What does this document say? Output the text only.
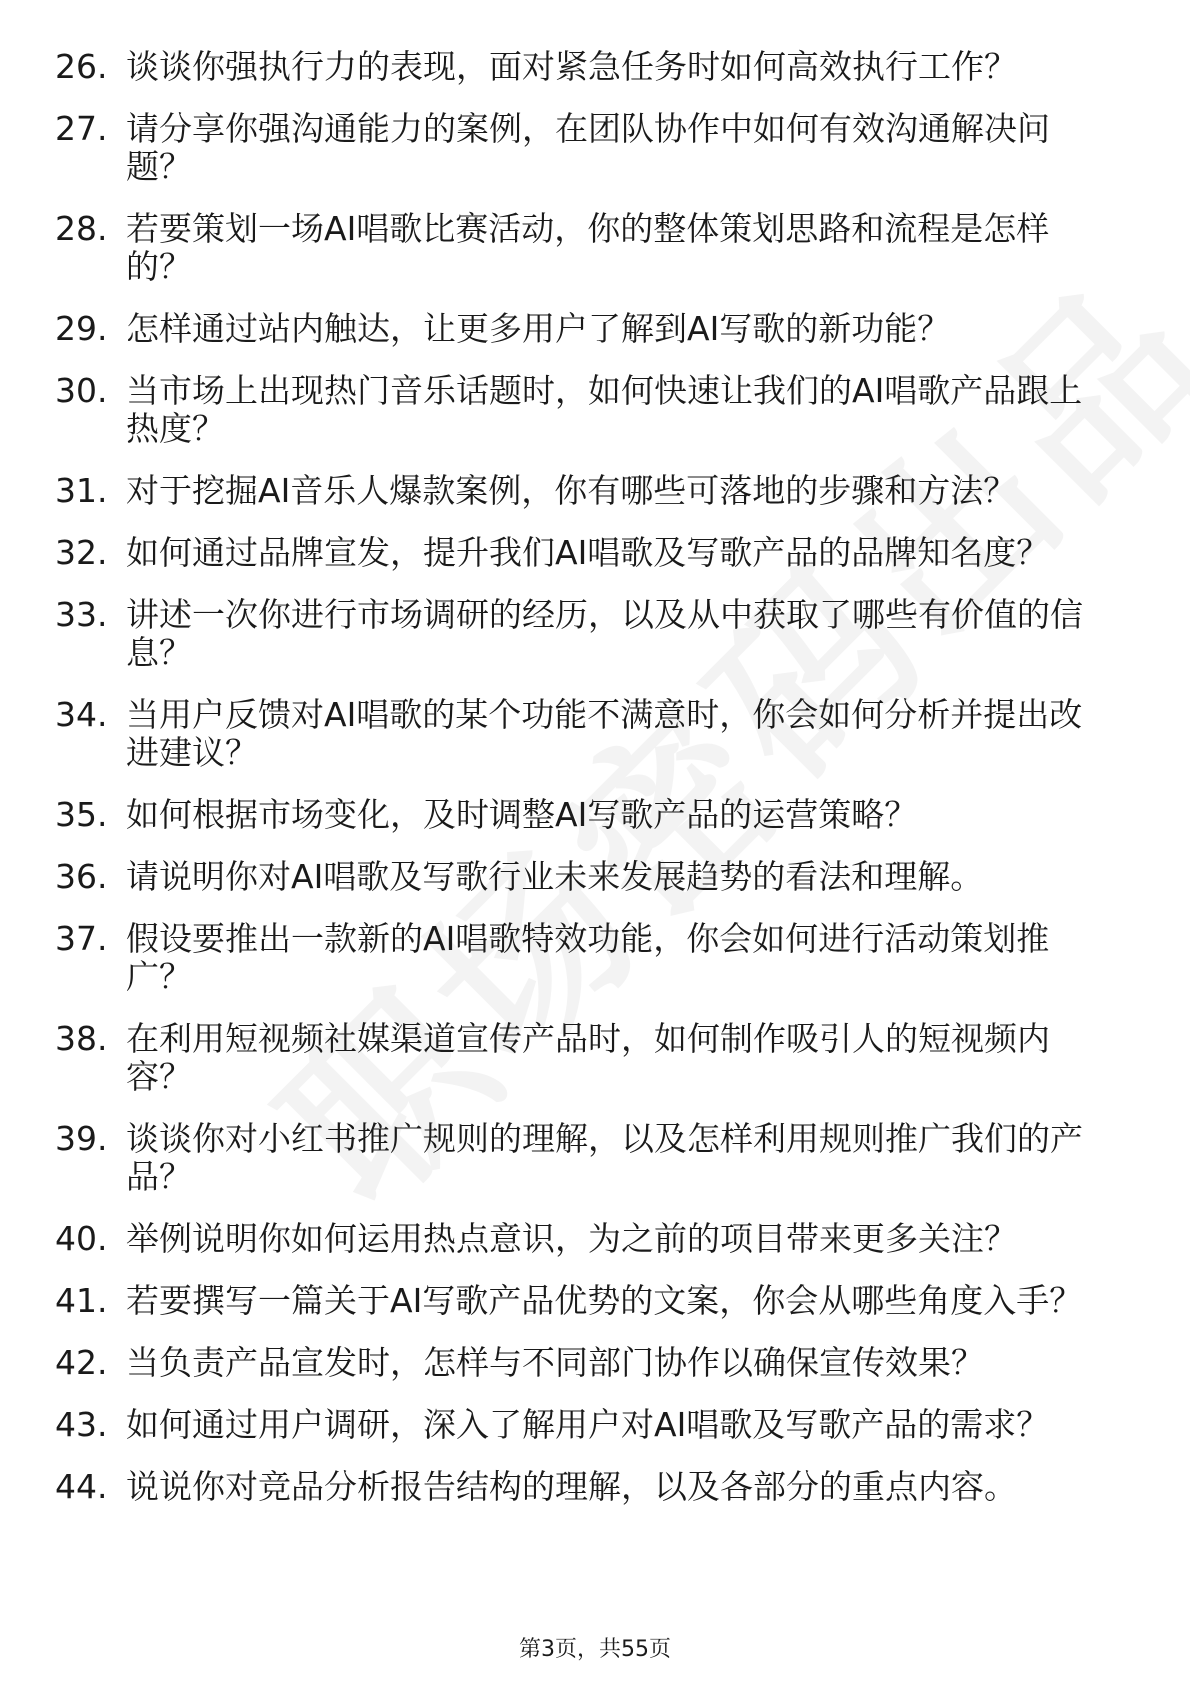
26. 谈谈你强执行力的表现，面对紧急任务时如何高效执行工作？
27. 请分享你强沟通能力的案例，在团队协作中如何有效沟通解决问题？
28. 若要策划一场AI唱歌比赛活动，你的整体策划思路和流程是怎样的？
29. 怎样通过站内触达，让更多用户了解到AI写歌的新功能？
30. 当市场上出现热门音乐话题时，如何快速让我们的AI唱歌产品跟上热度？
31. 对于挖掘AI音乐人爆款案例，你有哪些可落地的步骤和方法？
32. 如何通过品牌宣发，提升我们AI唱歌及写歌产品的品牌知名度？
33. 讲述一次你进行市场调研的经历，以及从中获取了哪些有价值的信息？
34. 当用户反馈对AI唱歌的某个功能不满意时，你会如何分析并提出改进建议？
35. 如何根据市场变化，及时调整AI写歌产品的运营策略？
36. 请说明你对AI唱歌及写歌行业未来发展趋势的看法和理解。
37. 假设要推出一款新的AI唱歌特效功能，你会如何进行活动策划推广？
38. 在利用短视频社媒渠道宣传产品时，如何制作吸引人的短视频内容？
39. 谈谈你对小红书推广规则的理解，以及怎样利用规则推广我们的产品？
40. 举例说明你如何运用热点意识，为之前的项目带来更多关注？
41. 若要撰写一篇关于AI写歌产品优势的文案，你会从哪些角度入手？
42. 当负责产品宣发时，怎样与不同部门协作以确保宣传效果？
43. 如何通过用户调研，深入了解用户对AI唱歌及写歌产品的需求？
44. 说说你对竞品分析报告结构的理解，以及各部分的重点内容。
第3页，共55页
